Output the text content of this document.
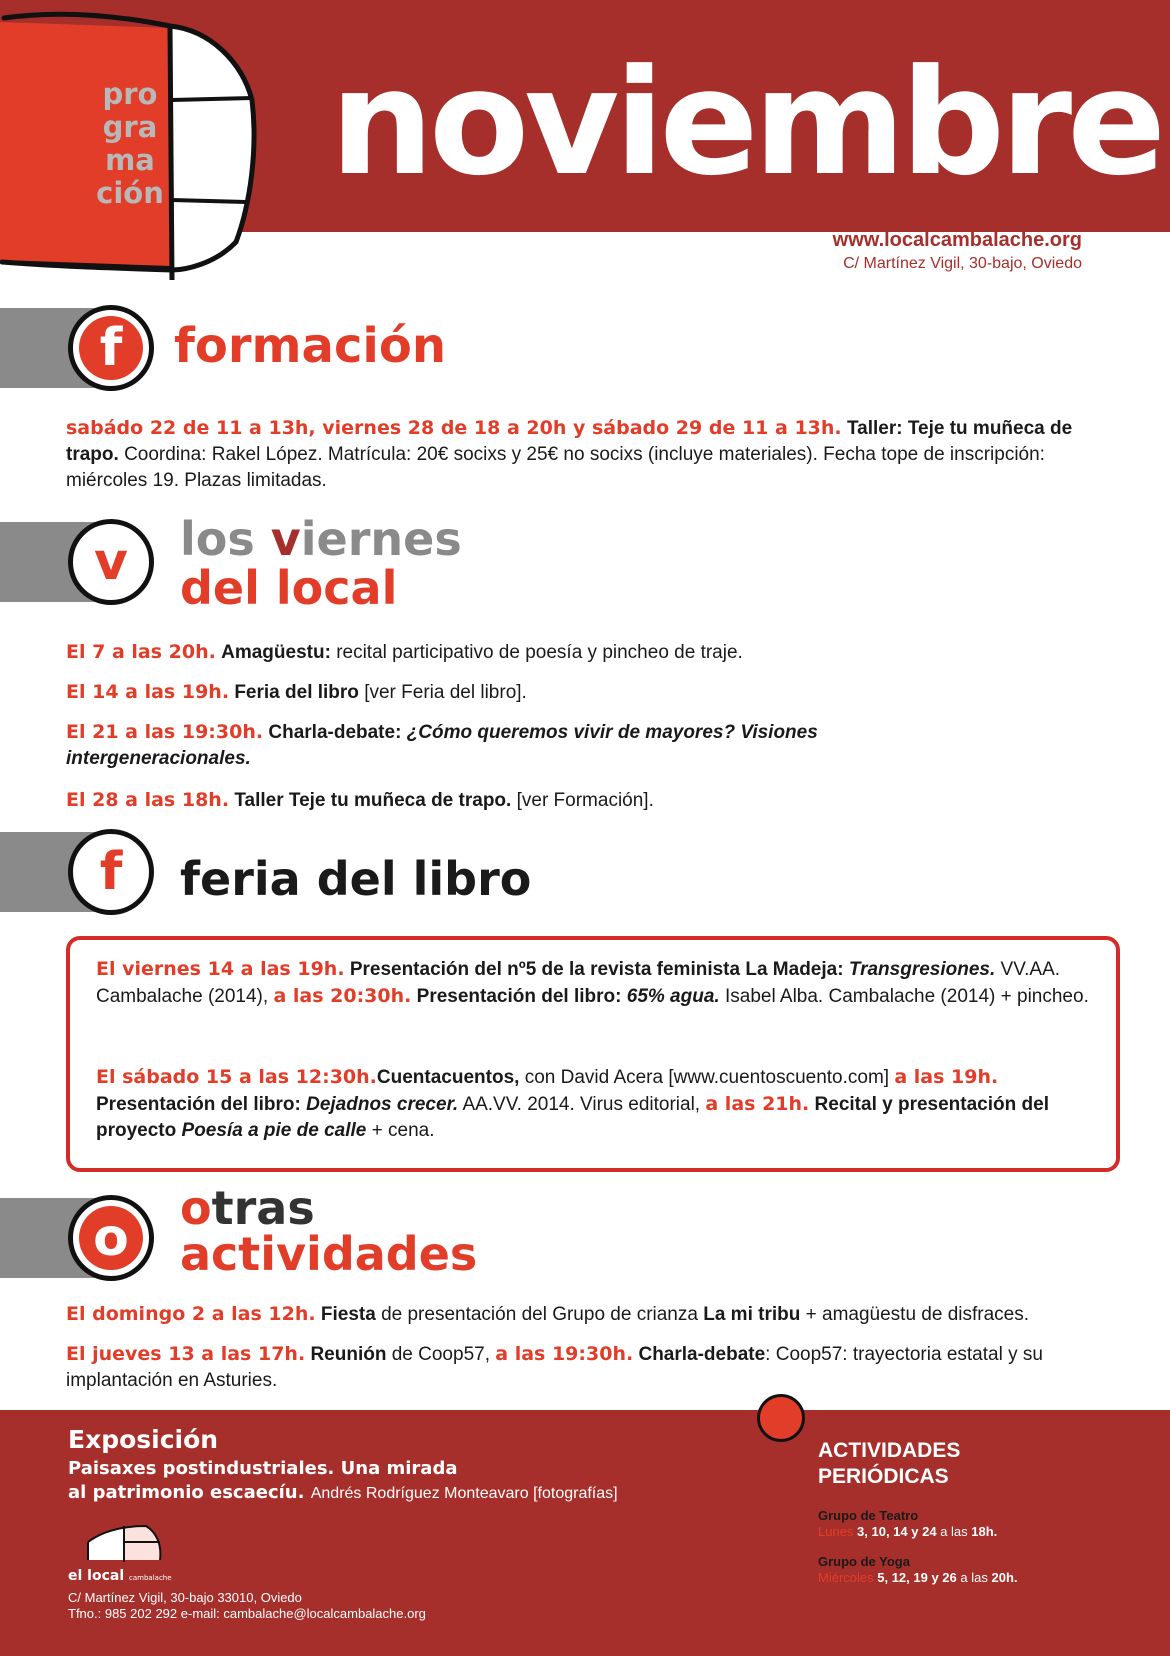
pro
gra
ma
ción noviembre
www.localcambalache.org
C/ Martínez Vigil, 30-bajo, Oviedo
f	formación
sabádo 22 de 11 a 13h, viernes 28 de 18 a 20h y sábado 29 de 11 a 13h. Taller: Teje tu muñeca de trapo. Coordina: Rakel López. Matrícula: 20€ socixs y 25€ no socixs (incluye materiales). Fecha tope de inscripción: miércoles 19. Plazas limitadas.
v	los viernes
del local
El 7 a las 20h. Amagüestu: recital participativo de poesía y pincheo de traje.
El 14 a las 19h. Feria del libro [ver Feria del libro].
El 21 a las 19:30h. Charla-debate: ¿Cómo queremos vivir de mayores? Visiones intergeneracionales.
El 28 a las 18h. Taller Teje tu muñeca de trapo. [ver Formación].
f	feria del libro
El viernes 14 a las 19h. Presentación del nº5 de la revista feminista La Madeja: Transgresiones. VV.AA. Cambalache (2014), a las 20:30h. Presentación del libro: 65% agua. Isabel Alba. Cambalache (2014) + pincheo.
El sábado 15 a las 12:30h.Cuentacuentos, con David Acera [www.cuentoscuento.com] a las 19h. Presentación del libro: Dejadnos crecer. AA.VV. 2014. Virus editorial, a las 21h. Recital y presentación del proyecto Poesía a pie de calle + cena.
o	otras
actividades
El domingo 2 a las 12h. Fiesta de presentación del Grupo de crianza La mi tribu + amagüestu de disfraces.
El jueves 13 a las 17h. Reunión de Coop57, a las 19:30h. Charla-debate: Coop57: trayectoria estatal y su implantación en Asturies.
Exposición
Paisaxes postindustriales. Una mirada
al patrimonio escaecíu. Andrés Rodríguez Monteavaro [fotografías]
el local cambalache
C/ Martínez Vigil, 30-bajo 33010, Oviedo
Tfno.: 985 202 292 e-mail: cambalache@localcambalache.org
ACTIVIDADES PERIÓDICAS
Grupo de Teatro
Lunes 3, 10, 14 y 24 a las 18h.
Grupo de Yoga
Miércoles 5, 12, 19 y 26 a las 20h.
